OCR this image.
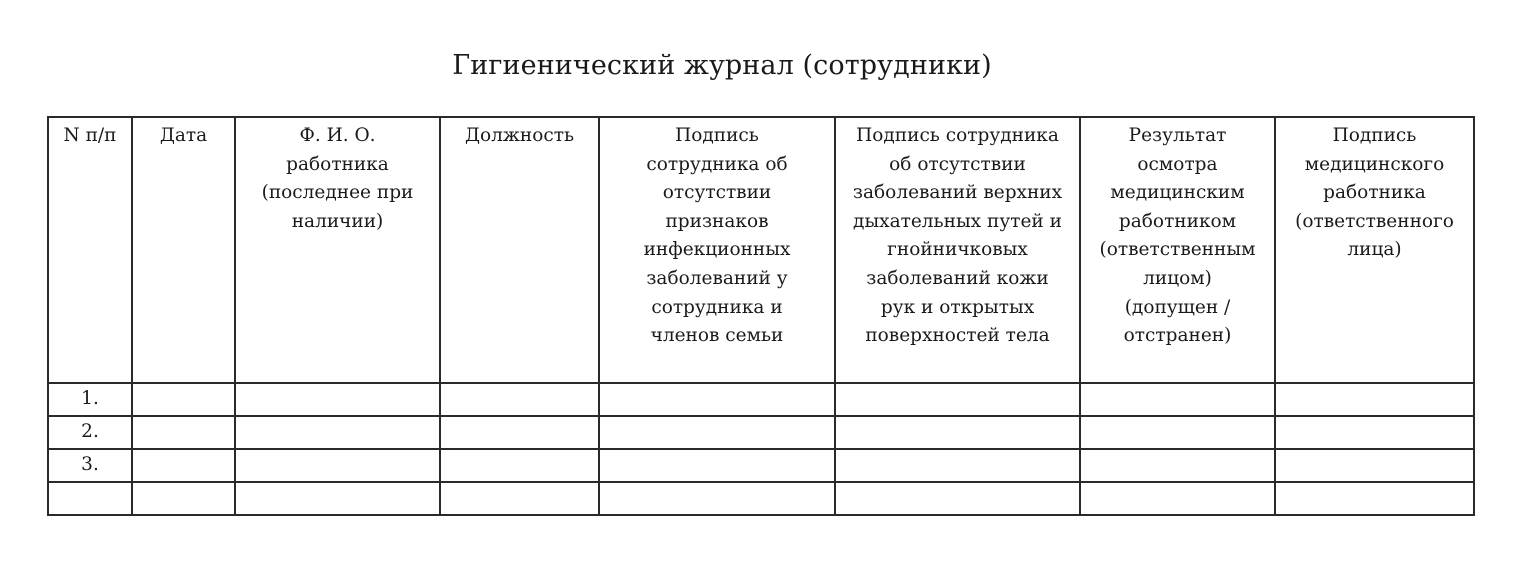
Гигиенический журнал (сотрудники)
N п/п	Дата	Ф. И. О. работника (последнее при наличии)	Должность	Подпись сотрудника об отсутствии признаков инфекционных заболеваний у сотрудника и членов семьи	Подпись сотрудника об отсутствии заболеваний верхних дыхательных путей и гнойничковых заболеваний кожи рук и открытых поверхностей тела	Результат осмотра медицинским работником (ответственным лицом) (допущен / отстранен)	Подпись медицинского работника (ответственного лица)

1.							
2.							
3.							
